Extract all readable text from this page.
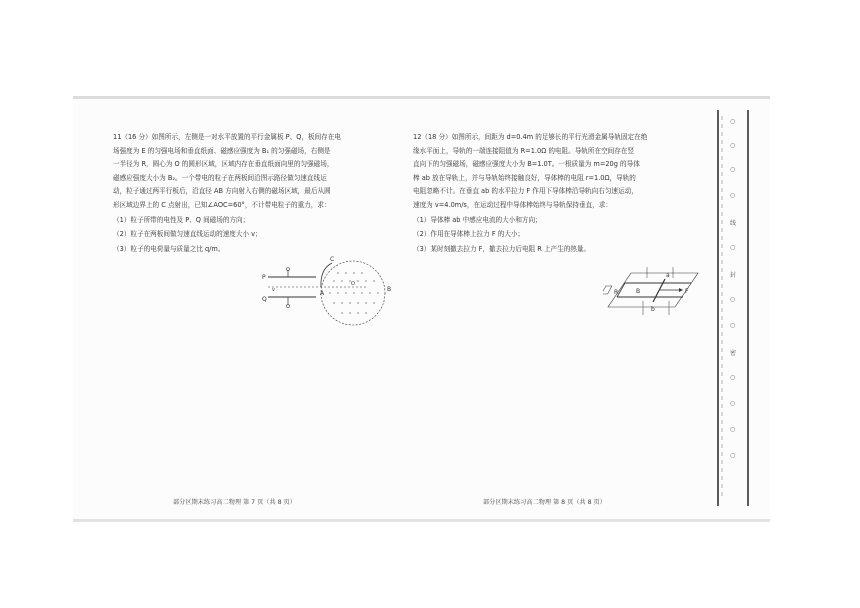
11（16 分）如图所示，左侧是一对水平放置的平行金属板 P、Q，板间存在电

场强度为 E 的匀强电场和垂直纸面、磁感应强度为 B₁ 的匀强磁场，右侧是

一半径为 R，圆心为 O 的圆形区域，区域内存在垂直纸面向里的匀强磁场，

磁感应强度大小为 B₂。一个带电的粒子在两板间沿图示路径做匀速直线运

动，粒子通过两平行板后，沿直径 AB 方向射入右侧的磁场区域，最后从圆

形区域边界上的 C 点射出，已知∠AOC=60°，不计带电粒子的重力，求：

（1）粒子所带的电性及 P、Q 间磁场的方向；

（2）粒子在两板间做匀速直线运动的速度大小 v；

（3）粒子的电荷量与质量之比 q/m。

P
Q
v
C
A
O
B
部分区期末练习高二物理 第 7 页（共 8 页）

12（18 分）如图所示，间距为 d=0.4m 的足够长的平行光滑金属导轨固定在绝

缘水平面上，导轨的一端连接阻值为 R=1.0Ω 的电阻。导轨所在空间存在竖

直向下的匀强磁场，磁感应强度大小为 B=1.0T。一根质量为 m=20g 的导体

棒 ab 放在导轨上，并与导轨始终接触良好，导体棒的电阻 r=1.0Ω，导轨的

电阻忽略不计。在垂直 ab 的水平拉力 F 作用下导体棒沿导轨向右匀速运动，

速度为 v=4.0m/s，在运动过程中导体棒始终与导轨保持垂直，求：

（1）导体棒 ab 中感应电流的大小和方向；

（2）作用在导体棒上拉力 F 的大小；

（3）某时刻撤去拉力 F，撤去拉力后电阻 R 上产生的热量。

a
b
R	B	F
部分区期末练习高二物理 第 8 页（共 8 页）
○
○
○
○
线
○
封
○
○
密
○
○
○
○
